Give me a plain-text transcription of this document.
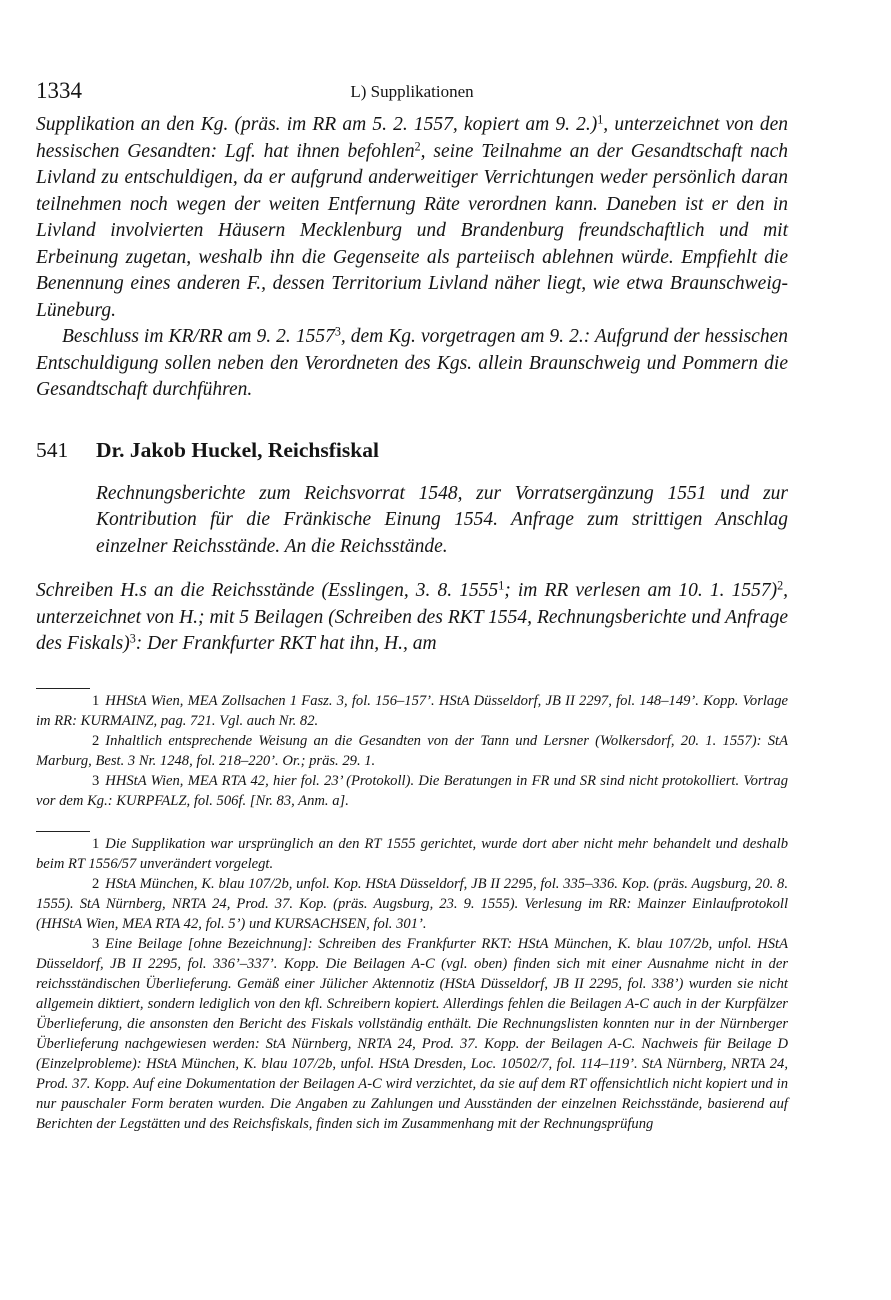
1334	L) Supplikationen

Supplikation an den Kg. (präs. im RR am 5. 2. 1557, kopiert am 9. 2.)$^1$, unterzeichnet von den hessischen Gesandten: Lgf. hat ihnen befohlen$^2$, seine Teilnahme an der Gesandtschaft nach Livland zu entschuldigen, da er aufgrund anderweitiger Verrichtungen weder persönlich daran teilnehmen noch wegen der weiten Entfernung Räte verordnen kann. Daneben ist er den in Livland involvierten Häusern Mecklenburg und Brandenburg freundschaftlich und mit Erbeinung zugetan, weshalb ihn die Gegenseite als parteiisch ablehnen würde. Empfiehlt die Benennung eines anderen F., dessen Territorium Livland näher liegt, wie etwa Braunschweig-Lüneburg.

Beschluss im KR/RR am 9. 2. 1557$^3$, dem Kg. vorgetragen am 9. 2.: Aufgrund der hessischen Entschuldigung sollen neben den Verordneten des Kgs. allein Braunschweig und Pommern die Gesandtschaft durchführen.

541	Dr. Jakob Huckel, Reichsfiskal
Rechnungsberichte zum Reichsvorrat 1548, zur Vorratsergänzung 1551 und zur Kontribution für die Fränkische Einung 1554. Anfrage zum strittigen Anschlag einzelner Reichsstände. An die Reichsstände.

Schreiben H.s an die Reichsstände (Esslingen, 3. 8. 1555$^1$; im RR verlesen am 10. 1. 1557)$^2$, unterzeichnet von H.; mit 5 Beilagen (Schreiben des RKT 1554, Rechnungsberichte und Anfrage des Fiskals)$^3$: Der Frankfurter RKT hat ihn, H., am

1 HHStA Wien, MEA Zollsachen 1 Fasz. 3, fol. 156–157’. HStA Düsseldorf, JB II 2297, fol. 148–149’. Kopp. Vorlage im RR: KURMAINZ, pag. 721. Vgl. auch Nr. 82.

2 Inhaltlich entsprechende Weisung an die Gesandten von der Tann und Lersner (Wolkersdorf, 20. 1. 1557): StA Marburg, Best. 3 Nr. 1248, fol. 218–220’. Or.; präs. 29. 1.

3 HHStA Wien, MEA RTA 42, hier fol. 23’ (Protokoll). Die Beratungen in FR und SR sind nicht protokolliert. Vortrag vor dem Kg.: KURPFALZ, fol. 506f. [Nr. 83, Anm. a].

1 Die Supplikation war ursprünglich an den RT 1555 gerichtet, wurde dort aber nicht mehr behandelt und deshalb beim RT 1556/57 unverändert vorgelegt.

2 HStA München, K. blau 107/2b, unfol. Kop. HStA Düsseldorf, JB II 2295, fol. 335–336. Kop. (präs. Augsburg, 20. 8. 1555). StA Nürnberg, NRTA 24, Prod. 37. Kop. (präs. Augsburg, 23. 9. 1555). Verlesung im RR: Mainzer Einlaufprotokoll (HHStA Wien, MEA RTA 42, fol. 5’) und KURSACHSEN, fol. 301’.

3 Eine Beilage [ohne Bezeichnung]: Schreiben des Frankfurter RKT: HStA München, K. blau 107/2b, unfol. HStA Düsseldorf, JB II 2295, fol. 336’–337’. Kopp. Die Beilagen A-C (vgl. oben) finden sich mit einer Ausnahme nicht in der reichsständischen Überlieferung. Gemäß einer Jülicher Aktennotiz (HStA Düsseldorf, JB II 2295, fol. 338’) wurden sie nicht allgemein diktiert, sondern lediglich von den kfl. Schreibern kopiert. Allerdings fehlen die Beilagen A-C auch in der Kurpfälzer Überlieferung, die ansonsten den Bericht des Fiskals vollständig enthält. Die Rechnungslisten konnten nur in der Nürnberger Überlieferung nachgewiesen werden: StA Nürnberg, NRTA 24, Prod. 37. Kopp. der Beilagen A-C. Nachweis für Beilage D (Einzelprobleme): HStA München, K. blau 107/2b, unfol. HStA Dresden, Loc. 10502/7, fol. 114–119’. StA Nürnberg, NRTA 24, Prod. 37. Kopp. Auf eine Dokumentation der Beilagen A-C wird verzichtet, da sie auf dem RT offensichtlich nicht kopiert und in nur pauschaler Form beraten wurden. Die Angaben zu Zahlungen und Ausständen der einzelnen Reichsstände, basierend auf Berichten der Legstätten und des Reichsfiskals, finden sich im Zusammenhang mit der Rechnungsprüfung
